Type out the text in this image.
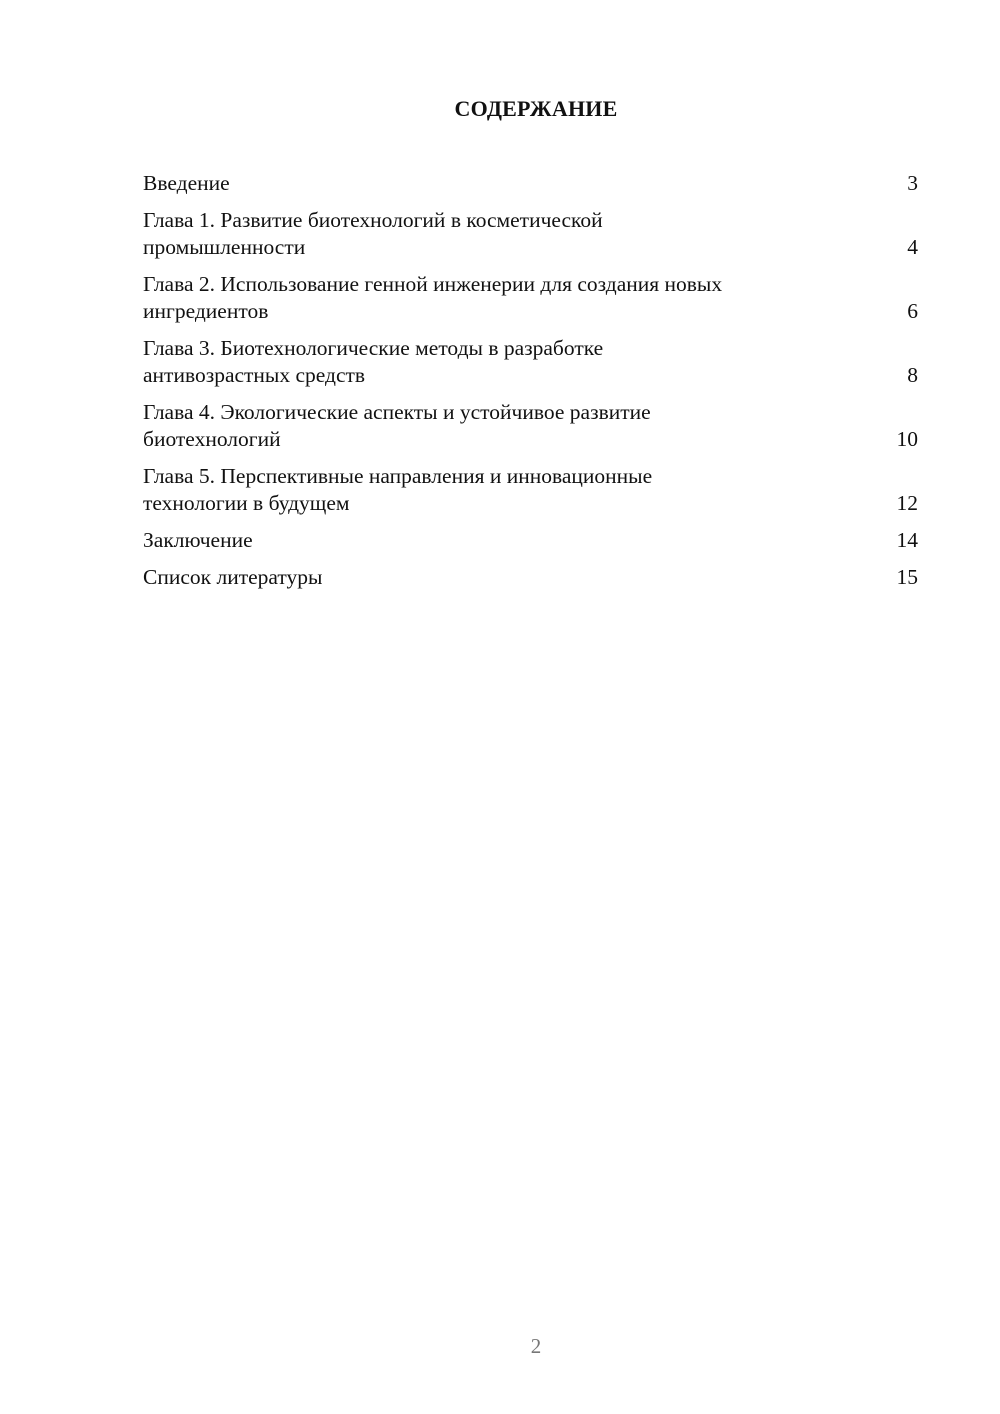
СОДЕРЖАНИЕ
Введение	3
Глава 1. Развитие биотехнологий в косметической
промышленности	4
Глава 2. Использование генной инженерии для создания новых
ингредиентов	6
Глава 3. Биотехнологические методы в разработке
антивозрастных средств	8
Глава 4. Экологические аспекты и устойчивое развитие
биотехнологий	10
Глава 5. Перспективные направления и инновационные
технологии в будущем	12
Заключение	14
Список литературы	15
2
